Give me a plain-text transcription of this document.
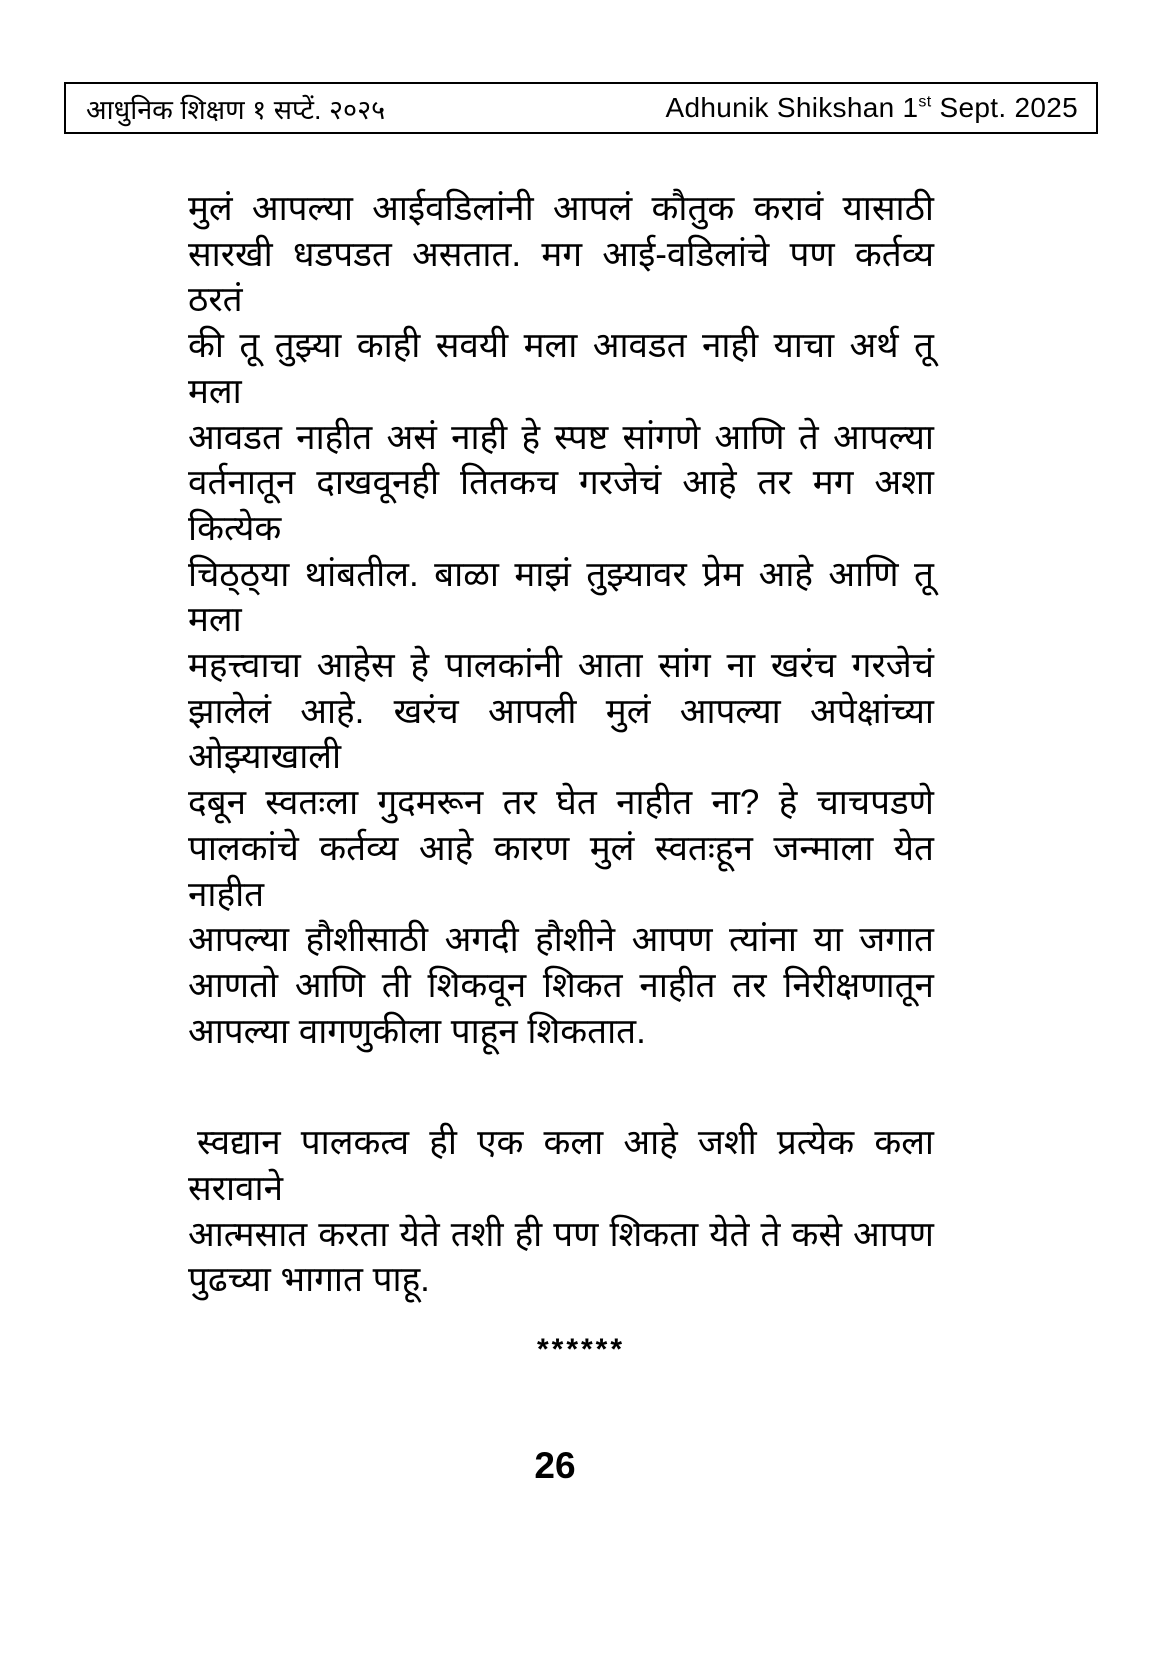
आधुनिक शिक्षण १ सप्टें. २०२५	Adhunik Shikshan 1st Sept. 2025
मुलं आपल्या आईवडिलांनी आपलं कौतुक करावं यासाठी
सारखी धडपडत असतात. मग आई-वडिलांचे पण कर्तव्य ठरतं
की तू तुझ्या काही सवयी मला आवडत नाही याचा अर्थ तू मला
आवडत नाहीत असं नाही हे स्पष्ट सांगणे आणि ते आपल्या
वर्तनातून दाखवूनही तितकच गरजेचं आहे तर मग अशा कित्येक
चिठ्ठ्या थांबतील. बाळा माझं तुझ्यावर प्रेम आहे आणि तू मला
महत्त्वाचा आहेस हे पालकांनी आता सांग ना खरंच गरजेचं
झालेलं आहे. खरंच आपली मुलं आपल्या अपेक्षांच्या ओझ्याखाली
दबून स्वतःला गुदमरून तर घेत नाहीत ना? हे चाचपडणे
पालकांचे कर्तव्य आहे कारण मुलं स्वतःहून जन्माला येत नाहीत
आपल्या हौशीसाठी अगदी हौशीने आपण त्यांना या जगात
आणतो आणि ती शिकवून शिकत नाहीत तर निरीक्षणातून
आपल्या वागणुकीला पाहून शिकतात.
स्वद्यान पालकत्व ही एक कला आहे जशी प्रत्येक कला सरावाने
आत्मसात करता येते तशी ही पण शिकता येते ते कसे आपण
पुढच्या भागात पाहू.
******
26
